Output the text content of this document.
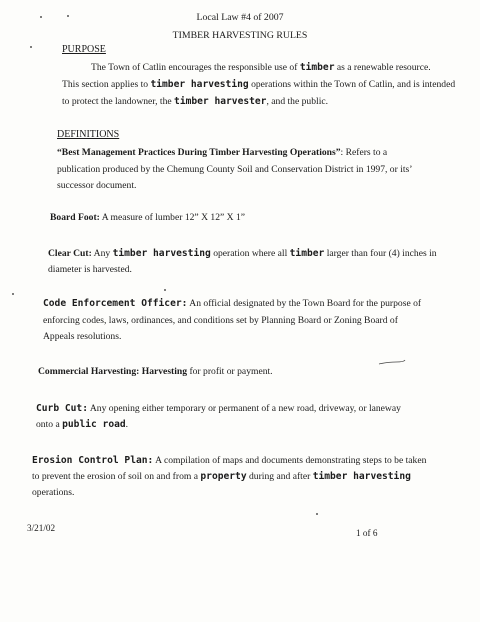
Local Law #4 of 2007
TIMBER HARVESTING RULES
PURPOSE
The Town of Catlin encourages the responsible use of timber as a renewable resource.
This section applies to timber harvesting operations within the Town of Catlin, and is intended
to protect the landowner, the timber harvester, and the public.
DEFINITIONS
“Best Management Practices During Timber Harvesting Operations”: Refers to a
publication produced by the Chemung County Soil and Conservation District in 1997, or its’
successor document.
Board Foot: A measure of lumber 12” X 12” X 1”
Clear Cut: Any timber harvesting operation where all timber larger than four (4) inches in
diameter is harvested.
Code Enforcement Officer: An official designated by the Town Board for the purpose of
enforcing codes, laws, ordinances, and conditions set by Planning Board or Zoning Board of
Appeals resolutions.
Commercial Harvesting: Harvesting for profit or payment.
Curb Cut: Any opening either temporary or permanent of a new road, driveway, or laneway
onto a public road.
Erosion Control Plan: A compilation of maps and documents demonstrating steps to be taken
to prevent the erosion of soil on and from a property during and after timber harvesting
operations.
3/21/02	1 of 6
